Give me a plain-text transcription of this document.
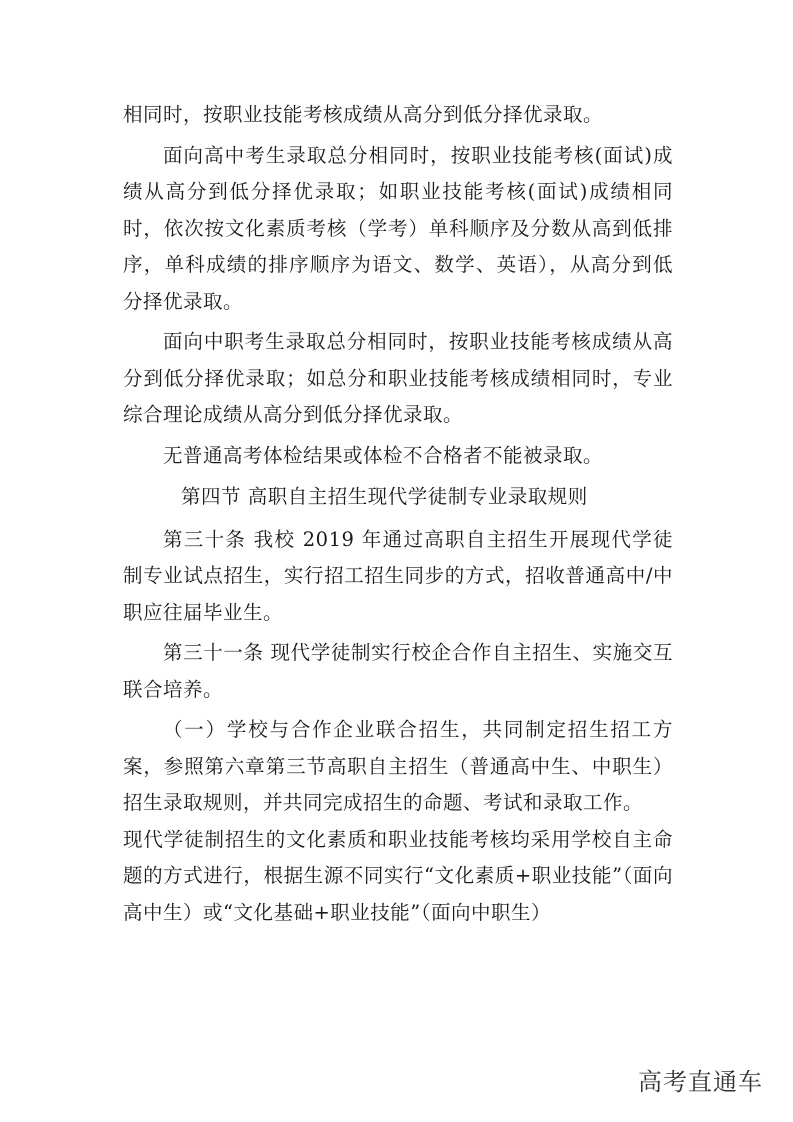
相同时，按职业技能考核成绩从高分到低分择优录取。

面向高中考生录取总分相同时，按职业技能考核(面试)成绩从高分到低分择优录取；如职业技能考核(面试)成绩相同时，依次按文化素质考核（学考）单科顺序及分数从高到低排序，单科成绩的排序顺序为语文、数学、英语），从高分到低分择优录取。

面向中职考生录取总分相同时，按职业技能考核成绩从高分到低分择优录取；如总分和职业技能考核成绩相同时，专业综合理论成绩从高分到低分择优录取。

无普通高考体检结果或体检不合格者不能被录取。

第四节 高职自主招生现代学徒制专业录取规则

第三十条 我校 2019 年通过高职自主招生开展现代学徒制专业试点招生，实行招工招生同步的方式，招收普通高中/中职应往届毕业生。

第三十一条 现代学徒制实行校企合作自主招生、实施交互联合培养。

（一）学校与合作企业联合招生，共同制定招生招工方案，参照第六章第三节高职自主招生（普通高中生、中职生）招生录取规则，并共同完成招生的命题、考试和录取工作。

现代学徒制招生的文化素质和职业技能考核均采用学校自主命题的方式进行，根据生源不同实行“文化素质+职业技能”（面向高中生）或“文化基础+职业技能”（面向中职生）

高考直通车
